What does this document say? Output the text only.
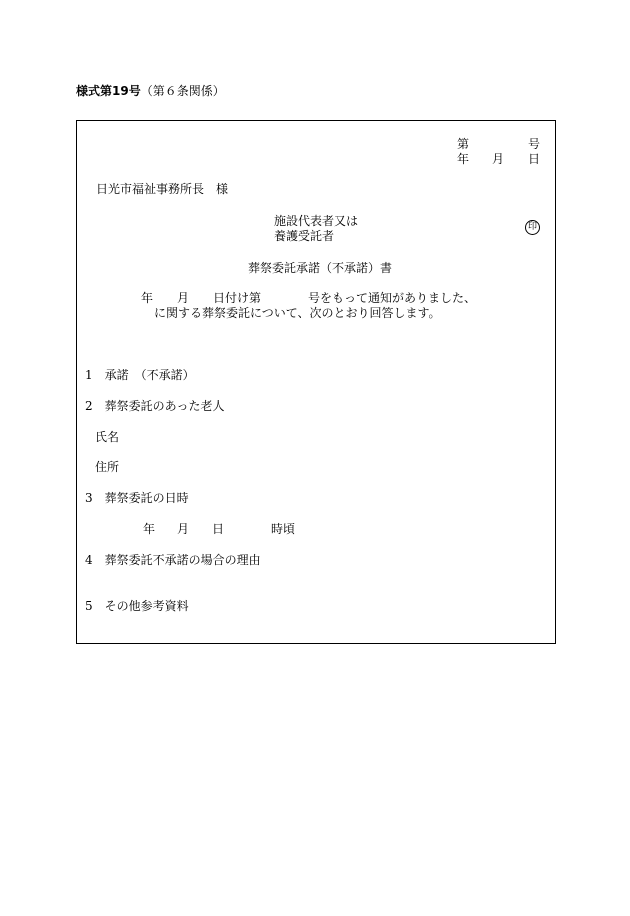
様式第19号（第６条関係）
第	号
年 月 日
日光市福祉事務所長　様
施設代表者又は
養護受託者
印
葬祭委託承諾（不承諾）書
年 月 日付け第	号をもって通知がありました、
に関する葬祭委託について、次のとおり回答します。
1　承諾　（不承諾）
2　葬祭委託のあった老人
氏名
住所
3　葬祭委託の日時
年 月 日	時頃
4　葬祭委託不承諾の場合の理由
5　その他参考資料
